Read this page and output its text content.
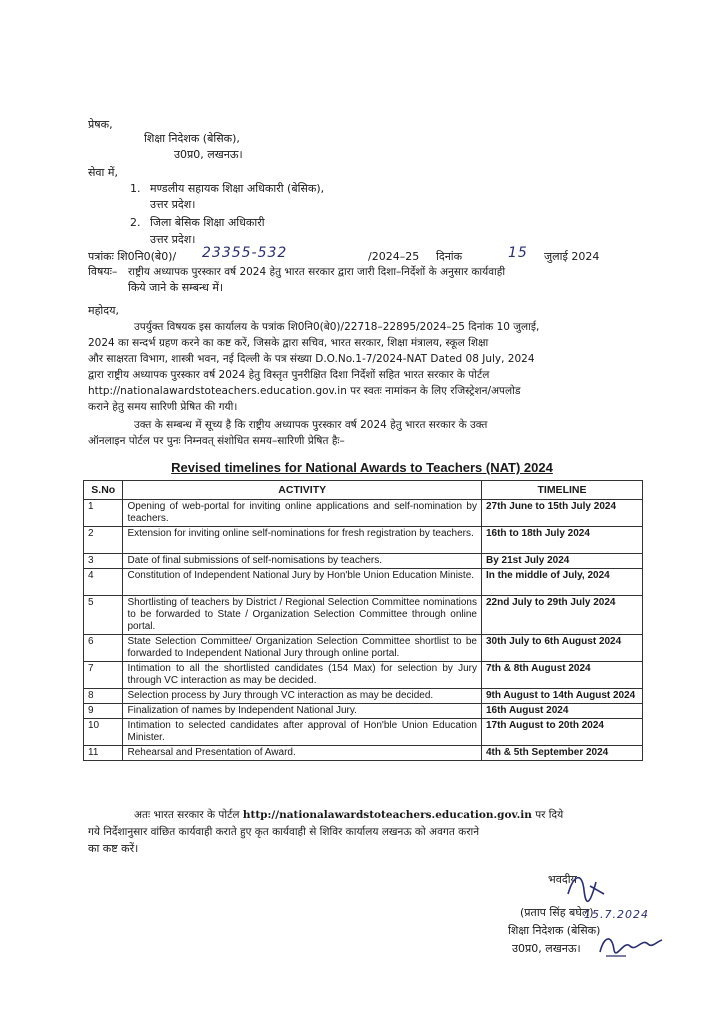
प्रेषक,
शिक्षा निदेशक (बेसिक),
उ0प्र0, लखनऊ।
सेवा में,
1. मण्डलीय सहायक शिक्षा अधिकारी (बेसिक),
उत्तर प्रदेश।
2. जिला बेसिक शिक्षा अधिकारी
उत्तर प्रदेश।
पत्रांकः शि0नि0(बे0)/ 23355-532	/2024–25 दिनांक	15 जुलाई 2024
विषयः– राष्ट्रीय अध्यापक पुरस्कार वर्ष 2024 हेतु भारत सरकार द्वारा जारी दिशा–निर्देशों के अनुसार कार्यवाही
किये जाने के सम्बन्ध में।
महोदय,
उपर्युक्त विषयक इस कार्यालय के पत्रांक शि0नि0(बे0)/22718–22895/2024–25 दिनांक 10 जुलाई,
2024 का सन्दर्भ ग्रहण करने का कष्ट करें, जिसके द्वारा सचिव, भारत सरकार, शिक्षा मंत्रालय, स्कूल शिक्षा
और साक्षरता विभाग, शास्त्री भवन, नई दिल्ली के पत्र संख्या D.O.No.1-7/2024-NAT Dated 08 July, 2024
द्वारा राष्ट्रीय अध्यापक पुरस्कार वर्ष 2024 हेतु विस्तृत पुनरीक्षित दिशा निर्देशों सहित भारत सरकार के पोर्टल
http://nationalawardstoteachers.education.gov.in पर स्वतः नामांकन के लिए रजिस्ट्रेशन/अपलोड
कराने हेतु समय सारिणी प्रेषित की गयी।
उक्त के सम्बन्ध में सूच्य है कि राष्ट्रीय अध्यापक पुरस्कार वर्ष 2024 हेतु भारत सरकार के उक्त
ऑनलाइन पोर्टल पर पुनः निम्नवत् संशोधित समय–सारिणी प्रेषित हैः–
Revised timelines for National Awards to Teachers (NAT) 2024
S.No	ACTIVITY	TIMELINE
1	Opening of web-portal for inviting online applications and self-nomination by teachers.	27th June to 15th July 2024
2	Extension for inviting online self-nominations for fresh registration by teachers.	16th to 18th July 2024
3	Date of final submissions of self-nomisations by teachers.	By 21st July 2024
4	Constitution of Independent National Jury by Hon'ble Union Education Ministe.	In the middle of July, 2024
5	Shortlisting of teachers by District / Regional Selection Committee nominations to be forwarded to State / Organization Selection Committee through online portal.	22nd July to 29th July 2024
6	State Selection Committee/ Organization Selection Committee shortlist to be forwarded to Independent National Jury through online portal.	30th July to 6th August 2024
7	Intimation to all the shortlisted candidates (154 Max) for selection by Jury through VC interaction as may be decided.	7th & 8th August 2024
8	Selection process by Jury through VC interaction as may be decided.	9th August to 14th August 2024
9	Finalization of names by Independent National Jury.	16th August 2024
10	Intimation to selected candidates after approval of Hon'ble Union Education Minister.	17th August to 20th 2024
11	Rehearsal and Presentation of Award.	4th & 5th September 2024
अतः भारत सरकार के पोर्टल http://nationalawardstoteachers.education.gov.in पर दिये
गये निर्देशानुसार वांछित कार्यवाही कराते हुए कृत कार्यवाही से शिविर कार्यालय लखनऊ को अवगत कराने
का कष्ट करें।
भवदीय
(प्रताप सिंह बघेल)
शिक्षा निदेशक (बेसिक)
उ0प्र0, लखनऊ।
15.7.2024
